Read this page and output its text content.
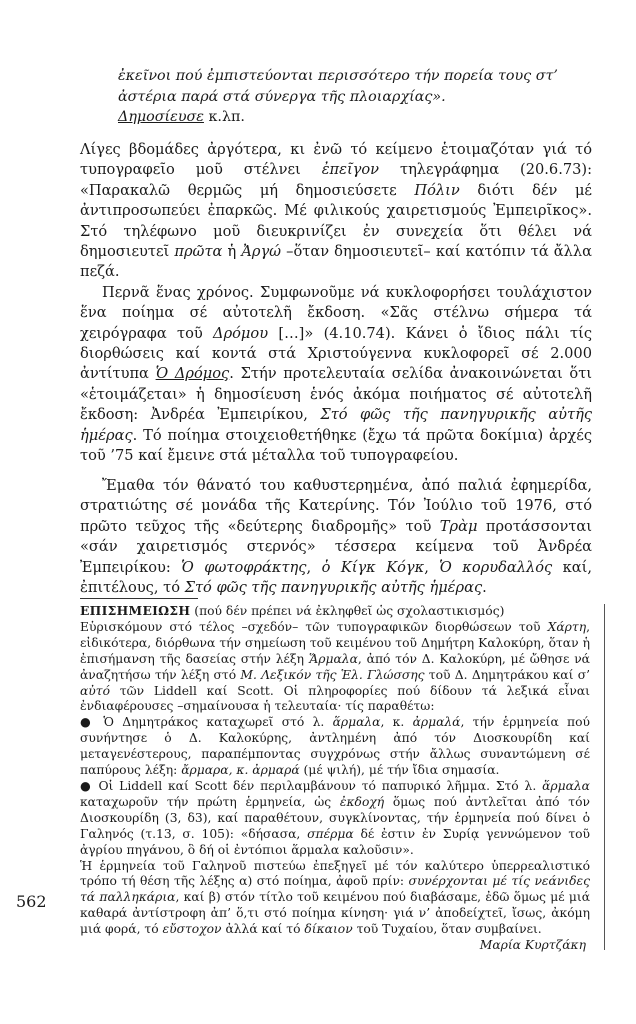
ἐκεῖνοι πού ἐμπιστεύονται περισσότερο τήν πορεία τους στ’
ἀστέρια παρά στά σύνεργα τῆς πλοιαρχίας».
Δημοσίευσε κ.λπ.

Λίγες βδομάδες ἀργότερα, κι ἐνῶ τό κείμενο ἑτοιμαζόταν γιά τό τυπογραφεῖο μοῦ στέλνει ἐπεῖγον τηλεγράφημα (20.6.73): «Παρακαλῶ θερμῶς μή δημοσιεύσετε Πόλιν διότι δέν μέ ἀντιπροσωπεύει ἐπαρκῶς. Μέ φιλικούς χαιρετισμούς Ἐμπειρῖκος». Στό τηλέφωνο μοῦ διευκρινίζει ἐν συνεχεία ὅτι θέλει νά δημοσιευτεῖ πρῶτα ἡ Ἀργώ –ὅταν δημοσιευτεῖ– καί κατόπιν τά ἄλλα πεζά.

Περνᾶ ἕνας χρόνος. Συμφωνοῦμε νά κυκλοφορήσει τουλάχιστον ἕνα ποίημα σέ αὐτοτελῆ ἔκδοση. «Σᾶς στέλνω σήμερα τά χειρόγραφα τοῦ Δρόμου […]» (4.10.74). Κάνει ὁ ἴδιος πάλι τίς διορθώσεις καί κοντά στά Χριστούγεννα κυκλοφορεῖ σέ 2.000 ἀντίτυπα Ὁ Δρόμος. Στήν προτελευταία σελίδα ἀνακοινώνεται ὅτι «ἑτοιμάζεται» ἡ δημοσίευση ἑνός ἀκόμα ποιήματος σέ αὐτοτελῆ ἔκδοση: Ἀνδρέα Ἐμπειρίκου, Στό φῶς τῆς πανηγυρικῆς αὐτῆς ἡμέρας. Τό ποίημα στοιχειοθετήθηκε (ἔχω τά πρῶτα δοκίμια) ἀρχές τοῦ ’75 καί ἔμεινε στά μέταλλα τοῦ τυπογραφείου.

Ἔμαθα τόν θάνατό του καθυστερημένα, ἀπό παλιά ἐφημερίδα, στρατιώτης σέ μονάδα τῆς Κατερίνης. Τόν Ἰούλιο τοῦ 1976, στό πρῶτο τεῦχος τῆς «δεύτερης διαδρομῆς» τοῦ Τρὰμ προτάσσονται «σάν χαιρετισμός στερνός» τέσσερα κείμενα τοῦ Ἀνδρέα Ἐμπειρίκου: Ὁ φωτοφράκτης, ὁ Κίγκ Κόγκ, Ὁ κορυδαλλός καί, ἐπιτέλους, τό Στό φῶς τῆς πανηγυρικῆς αὐτῆς ἡμέρας.

ΕΠΙΣΗΜΕΙΩΣΗ (πού δέν πρέπει νά ἐκληφθεῖ ὡς σχολαστικισμός)

Εὑρισκόμουν στό τέλος –σχεδόν– τῶν τυπογραφικῶν διορθώσεων τοῦ Χάρτη, εἰδικότερα, διόρθωνα τήν σημείωση τοῦ κειμένου τοῦ Δημήτρη Καλοκύρη, ὅταν ἡ ἐπισήμανση τῆς δασείας στήν λέξη Ἅρμαλα, ἀπό τόν Δ. Καλοκύρη, μέ ὤθησε νά ἀναζητήσω τήν λέξη στό Μ. Λεξικόν τῆς Ἑλ. Γλώσσης τοῦ Δ. Δημητράκου καί σ’ αὐτό τῶν Liddell καί Scott. Οἱ πληροφορίες πού δίδουν τά λεξικά εἶναι ἐνδιαφέρουσες –σημαίνουσα ἡ τελευταία· τίς παραθέτω:

● Ὁ Δημητράκος καταχωρεῖ στό λ. ἅρμαλα, κ. ἀρμαλά, τήν ἑρμηνεία πού συνήντησε ὁ Δ. Καλοκύρης, ἀντλημένη ἀπό τόν Διοσκουρίδη καί μεταγενέστερους, παραπέμποντας συγχρόνως στήν ἄλλως συναντώμενη σέ παπύρους λέξη: ἄρμαρα, κ. ἀρμαρά (μέ ψιλή), μέ τήν ἴδια σημασία.

● Οἱ Liddell καί Scott δέν περιλαμβάνουν τό παπυρικό λῆμμα. Στό λ. ἅρμαλα καταχωροῦν τήν πρώτη ἑρμηνεία, ὡς ἐκδοχή ὅμως πού ἀντλεῖται ἀπό τόν Διοσκουρίδη (3, δ3), καί παραθέτουν, συγκλίνοντας, τήν ἑρμηνεία πού δίνει ὁ Γαληνός (τ.13, σ. 105): «δήσασα, σπέρμα δέ ἐστιν ἐν Συρίᾳ γεννώμενον τοῦ ἀγρίου πηγάνου, ὃ δή οἱ ἐντόπιοι ἅρμαλα καλοῦσιν».

Ἡ ἑρμηνεία τοῦ Γαληνοῦ πιστεύω ἐπεξηγεῖ μέ τόν καλύτερο ὑπερρεαλιστικό τρόπο τή θέση τῆς λέξης α) στό ποίημα, ἀφοῦ πρίν: συνέρχονται μέ τίς νεάνιδες τά παλληκάρια, καί β) στόν τίτλο τοῦ κειμένου πού διαβάσαμε, ἐδῶ ὅμως μέ μιά καθαρά ἀντίστροφη ἀπ’ ὅ,τι στό ποίημα κίνηση· γιά ν’ ἀποδείχτεῖ, ἴσως, ἀκόμη μιά φορά, τό εὔστοχον ἀλλά καί τό δίκαιον τοῦ Τυχαίου, ὅταν συμβαίνει.

Μαρία Κυρτζάκη

562
